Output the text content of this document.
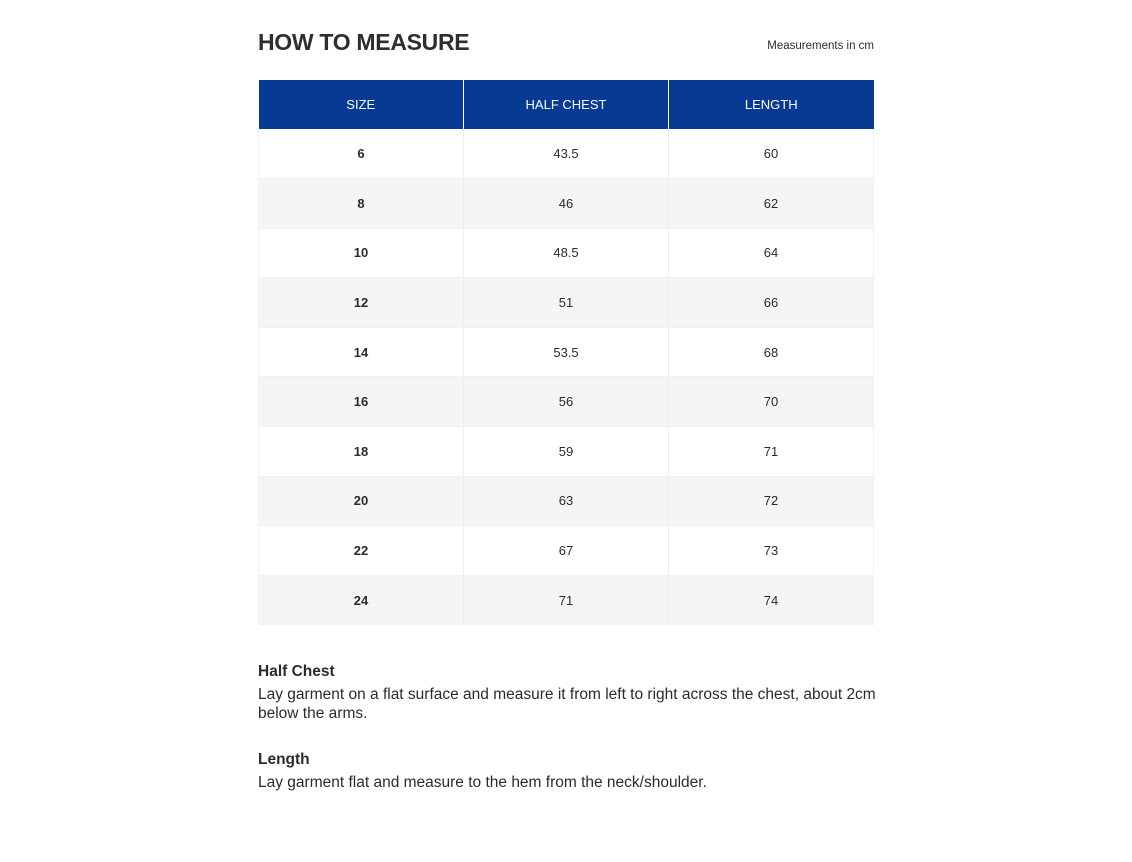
HOW TO MEASURE	Measurements in cm
SIZE	HALF CHEST	LENGTH
6	43.5	60
8	46	62
10	48.5	64
12	51	66
14	53.5	68
16	56	70
18	59	71
20	63	72
22	67	73
24	71	74
Half Chest
Lay garment on a flat surface and measure it from left to right across the chest, about 2cm below the arms.
Length
Lay garment flat and measure to the hem from the neck/shoulder.
